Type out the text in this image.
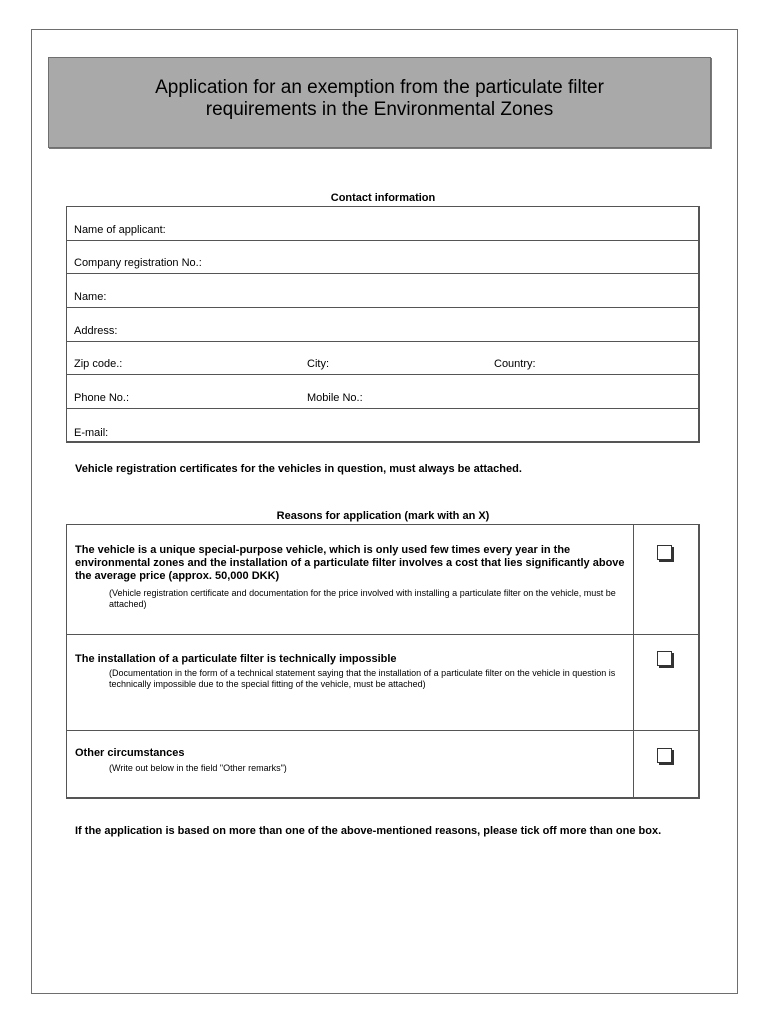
Application for an exemption from the particulate filter
requirements in the Environmental Zones
Contact information
Name of applicant:
Company registration No.:
Name:
Address:
Zip code.:	City:	Country:
Phone No.:	Mobile No.:
E-mail:
Vehicle registration certificates for the vehicles in question, must always be attached.
Reasons for application (mark with an X)
The vehicle is a unique special-purpose vehicle, which is only used few times every year in the environmental zones and the installation of a particulate filter involves a cost that lies significantly above the average price (approx. 50,000 DKK)
(Vehicle registration certificate and documentation for the price involved with installing a particulate filter on the vehicle, must be attached)
The installation of a particulate filter is technically impossible
(Documentation in the form of a technical statement saying that the installation of a particulate filter on the vehicle in question is technically impossible due to the special fitting of the vehicle, must be attached)
Other circumstances
(Write out below in the field "Other remarks")
If the application is based on more than one of the above-mentioned reasons, please tick off more than one box.
